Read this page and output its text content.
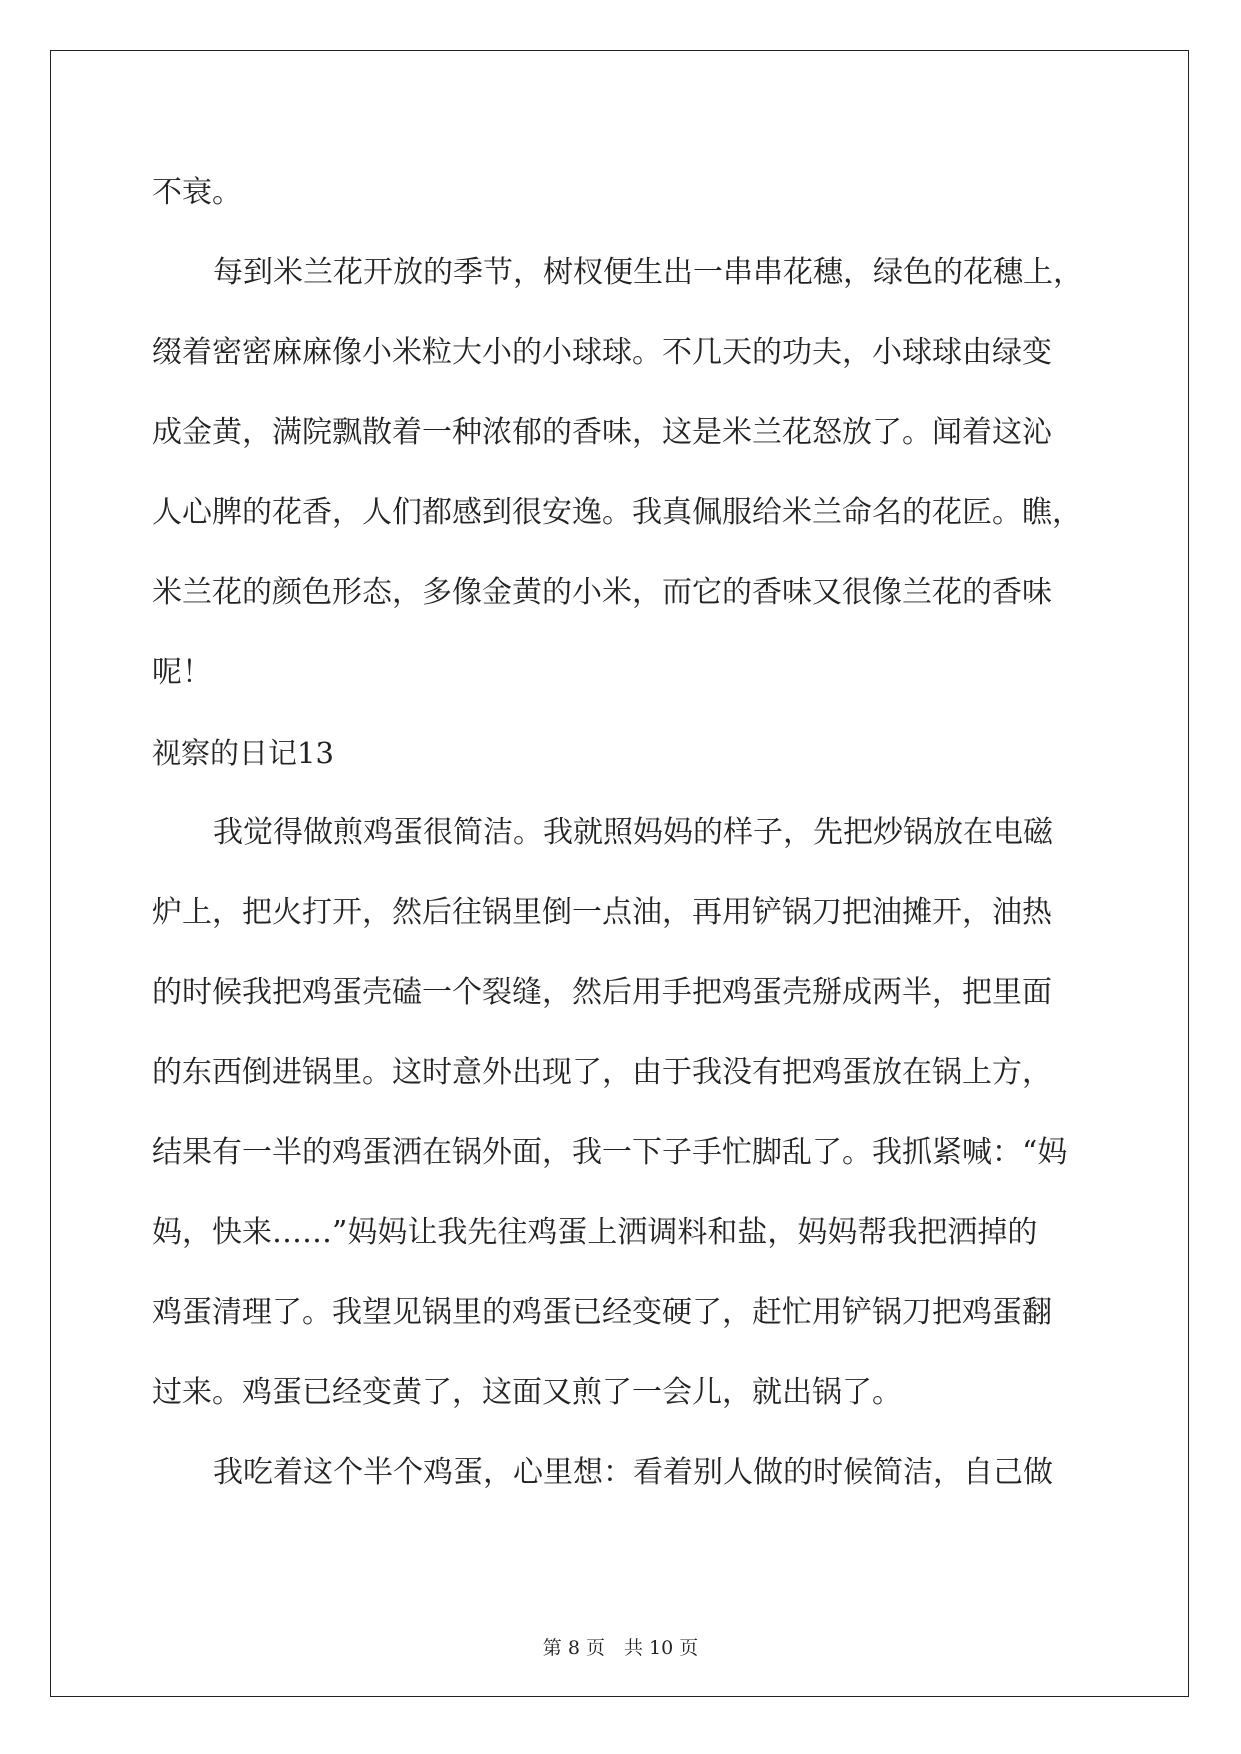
不衰。
每到米兰花开放的季节，树杈便生出一串串花穗，绿色的花穗上，
缀着密密麻麻像小米粒大小的小球球。不几天的功夫，小球球由绿变
成金黄，满院飘散着一种浓郁的香味，这是米兰花怒放了。闻着这沁
人心脾的花香，人们都感到很安逸。我真佩服给米兰命名的花匠。瞧，
米兰花的颜色形态，多像金黄的小米，而它的香味又很像兰花的香味
呢！
视察的日记13
我觉得做煎鸡蛋很简洁。我就照妈妈的样子，先把炒锅放在电磁
炉上，把火打开，然后往锅里倒一点油，再用铲锅刀把油摊开，油热
的时候我把鸡蛋壳磕一个裂缝，然后用手把鸡蛋壳掰成两半，把里面
的东西倒进锅里。这时意外出现了，由于我没有把鸡蛋放在锅上方，
结果有一半的鸡蛋洒在锅外面，我一下子手忙脚乱了。我抓紧喊：“妈
妈，快来……”妈妈让我先往鸡蛋上洒调料和盐，妈妈帮我把洒掉的
鸡蛋清理了。我望见锅里的鸡蛋已经变硬了，赶忙用铲锅刀把鸡蛋翻
过来。鸡蛋已经变黄了，这面又煎了一会儿，就出锅了。
我吃着这个半个鸡蛋，心里想：看着别人做的时候简洁，自己做
第 8 页　共 10 页
